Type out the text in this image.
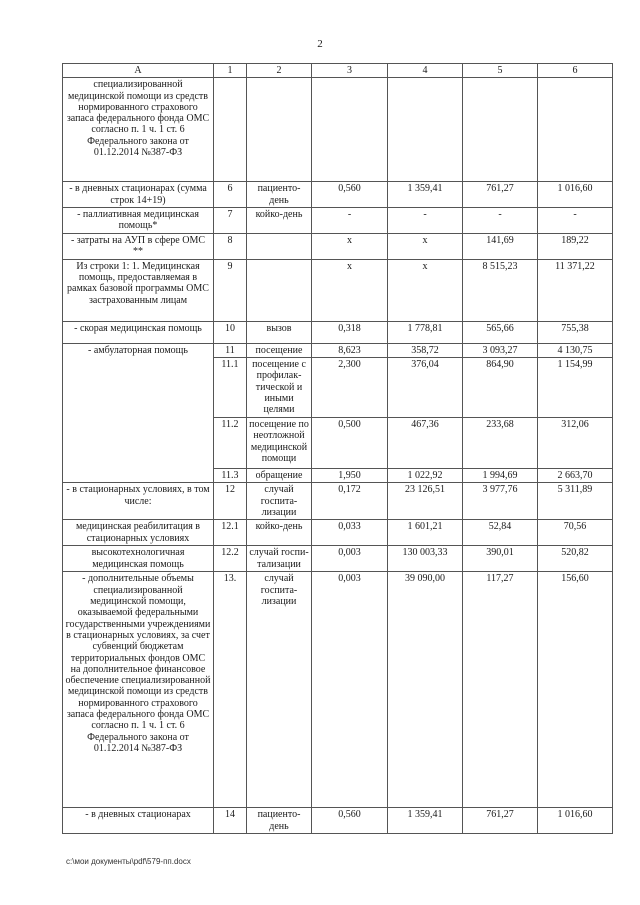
2
А	1	2	3	4	5	6
специализированной медицинской помощи из средств нормированного страхового запаса федерального фонда ОМС согласно п. 1 ч. 1 ст. 6 Федерального закона от 01.12.2014 №387-ФЗ						
- в дневных стационарах (сумма строк 14+19)	6	пациенто-день	0,560	1 359,41	761,27	1 016,60
- паллиативная медицинская помощь*	7	койко-день	-	-	-	-
- затраты на АУП в сфере ОМС **	8		х	х	141,69	189,22
Из строки 1: 1. Медицинская помощь, предоставляемая в рамках базовой программы ОМС застрахованным лицам	9		х	х	8 515,23	11 371,22
- скорая медицинская помощь	10	вызов	0,318	1 778,81	565,66	755,38
- амбулаторная помощь	11	посещение	8,623	358,72	3 093,27	4 130,75
	11.1	посещение с профилак-тической и иными целями	2,300	376,04	864,90	1 154,99
	11.2	посещение по неотложной медицинской помощи	0,500	467,36	233,68	312,06
	11.3	обращение	1,950	1 022,92	1 994,69	2 663,70
- в стационарных условиях, в том числе:	12	случай госпита-лизации	0,172	23 126,51	3 977,76	5 311,89
медицинская реабилитация в стационарных условиях	12.1	койко-день	0,033	1 601,21	52,84	70,56
высокотехнологичная медицинская помощь	12.2	случай госпи-тализации	0,003	130 003,33	390,01	520,82
- дополнительные объемы специализированной медицинской помощи, оказываемой федеральными государственными учреждениями в стационарных условиях, за счет субвенций бюджетам территориальных фондов ОМС на дополнительное финансовое обеспечение специализированной медицинской помощи из средств нормированного страхового запаса федерального фонда ОМС согласно п. 1 ч. 1 ст. 6 Федерального закона от 01.12.2014 №387-ФЗ	13.	случай госпита-лизации	0,003	39 090,00	117,27	156,60
- в дневных стационарах	14	пациенто-день	0,560	1 359,41	761,27	1 016,60
c:\мои документы\pdf\579-пп.docx
